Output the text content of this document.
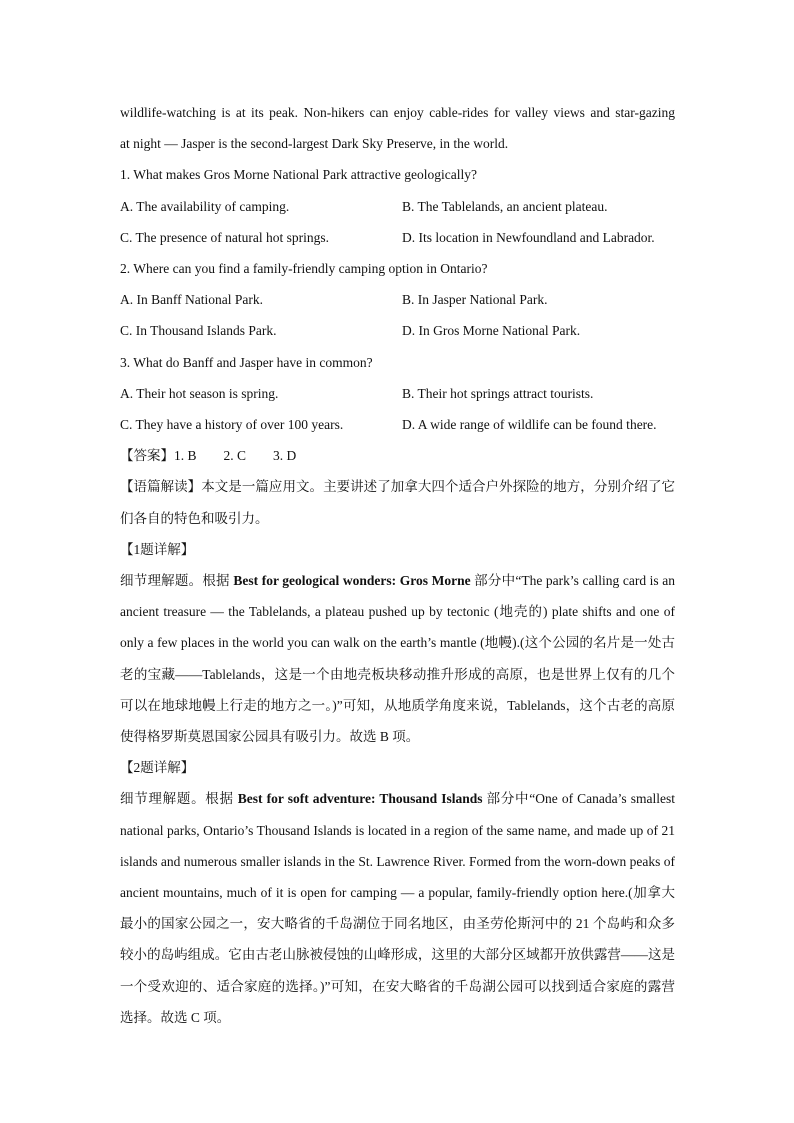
wildlife-watching is at its peak. Non-hikers can enjoy cable-rides for valley views and star-gazing
at night — Jasper is the second-largest Dark Sky Preserve, in the world.
1. What makes Gros Morne National Park attractive geologically?
A. The availability of camping.	B. The Tablelands, an ancient plateau.
C. The presence of natural hot springs.	D. Its location in Newfoundland and Labrador.
2. Where can you find a family-friendly camping option in Ontario?
A. In Banff National Park.	B. In Jasper National Park.
C. In Thousand Islands Park.	D. In Gros Morne National Park.
3. What do Banff and Jasper have in common?
A. Their hot season is spring.	B. Their hot springs attract tourists.
C. They have a history of over 100 years.	D. A wide range of wildlife can be found there.
【答案】1. B        2. C        3. D
【语篇解读】本文是一篇应用文。主要讲述了加拿大四个适合户外探险的地方，分别介绍了它们各自的特色和吸引力。
【1题详解】
细节理解题。根据 Best for geological wonders: Gros Morne 部分中“The park’s calling card is an ancient treasure — the Tablelands, a plateau pushed up by tectonic (地壳的) plate shifts and one of only a few places in the world you can walk on the earth’s mantle (地幔).(这个公园的名片是一处古老的宝藏——Tablelands，这是一个由地壳板块移动推升形成的高原，也是世界上仅有的几个可以在地球地幔上行走的地方之一。)”可知，从地质学角度来说，Tablelands，这个古老的高原使得格罗斯莫恩国家公园具有吸引力。故选 B 项。
【2题详解】
细节理解题。根据 Best for soft adventure: Thousand Islands 部分中“One of Canada’s smallest national parks, Ontario’s Thousand Islands is located in a region of the same name, and made up of 21 islands and numerous smaller islands in the St. Lawrence River. Formed from the worn-down peaks of ancient mountains, much of it is open for camping — a popular, family-friendly option here.(加拿大最小的国家公园之一，安大略省的千岛湖位于同名地区，由圣劳伦斯河中的 21 个岛屿和众多较小的岛屿组成。它由古老山脉被侵蚀的山峰形成，这里的大部分区域都开放供露营——这是一个受欢迎的、适合家庭的选择。)”可知，在安大略省的千岛湖公园可以找到适合家庭的露营选择。故选 C 项。
